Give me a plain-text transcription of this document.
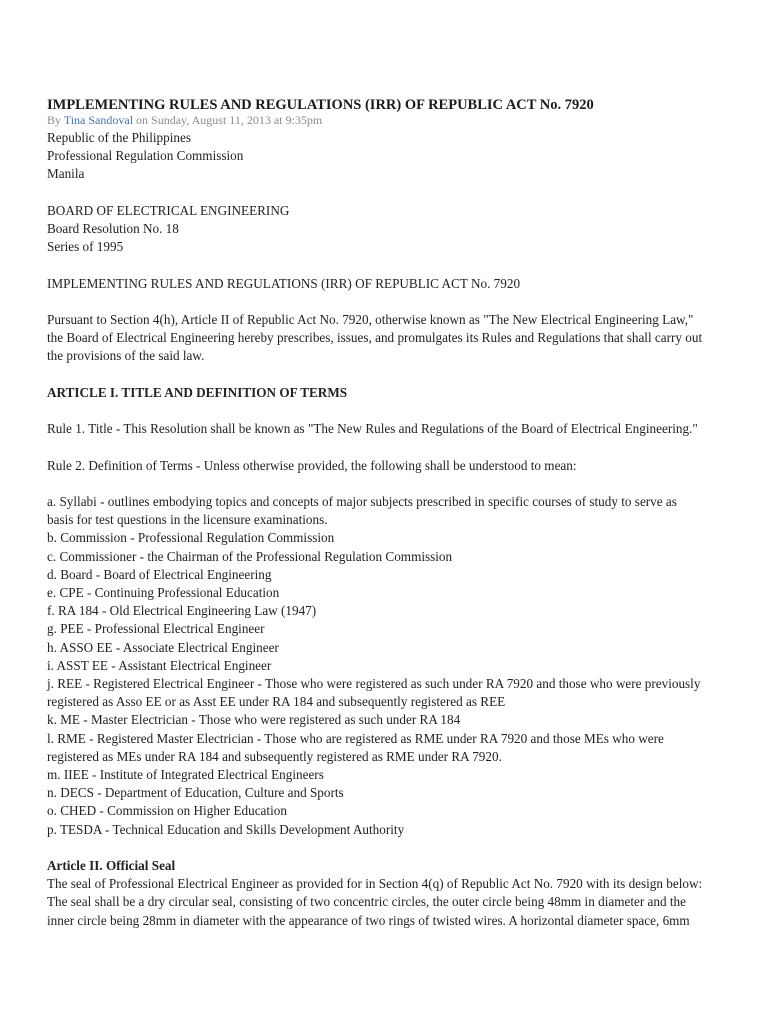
IMPLEMENTING RULES AND REGULATIONS (IRR) OF REPUBLIC ACT No. 7920
By Tina Sandoval on Sunday, August 11, 2013 at 9:35pm
Republic of the Philippines
Professional Regulation Commission
Manila
BOARD OF ELECTRICAL ENGINEERING
Board Resolution No. 18
Series of 1995
IMPLEMENTING RULES AND REGULATIONS (IRR) OF REPUBLIC ACT No. 7920
Pursuant to Section 4(h), Article II of Republic Act No. 7920, otherwise known as "The New Electrical Engineering Law,"
the Board of Electrical Engineering hereby prescribes, issues, and promulgates its Rules and Regulations that shall carry out
the provisions of the said law.
ARTICLE I. TITLE AND DEFINITION OF TERMS
Rule 1. Title - This Resolution shall be known as "The New Rules and Regulations of the Board of Electrical Engineering."
Rule 2. Definition of Terms - Unless otherwise provided, the following shall be understood to mean:
a. Syllabi - outlines embodying topics and concepts of major subjects prescribed in specific courses of study to serve as
basis for test questions in the licensure examinations.
b. Commission - Professional Regulation Commission
c. Commissioner - the Chairman of the Professional Regulation Commission
d. Board - Board of Electrical Engineering
e. CPE - Continuing Professional Education
f. RA 184 - Old Electrical Engineering Law (1947)
g. PEE - Professional Electrical Engineer
h. ASSO EE - Associate Electrical Engineer
i. ASST EE - Assistant Electrical Engineer
j. REE - Registered Electrical Engineer - Those who were registered as such under RA 7920 and those who were previously
registered as Asso EE or as Asst EE under RA 184 and subsequently registered as REE
k. ME - Master Electrician - Those who were registered as such under RA 184
l. RME - Registered Master Electrician - Those who are registered as RME under RA 7920 and those MEs who were
registered as MEs under RA 184 and subsequently registered as RME under RA 7920.
m. IIEE - Institute of Integrated Electrical Engineers
n. DECS - Department of Education, Culture and Sports
o. CHED - Commission on Higher Education
p. TESDA - Technical Education and Skills Development Authority
Article II. Official Seal
The seal of Professional Electrical Engineer as provided for in Section 4(q) of Republic Act No. 7920 with its design below:
The seal shall be a dry circular seal, consisting of two concentric circles, the outer circle being 48mm in diameter and the
inner circle being 28mm in diameter with the appearance of two rings of twisted wires. A horizontal diameter space, 6mm
